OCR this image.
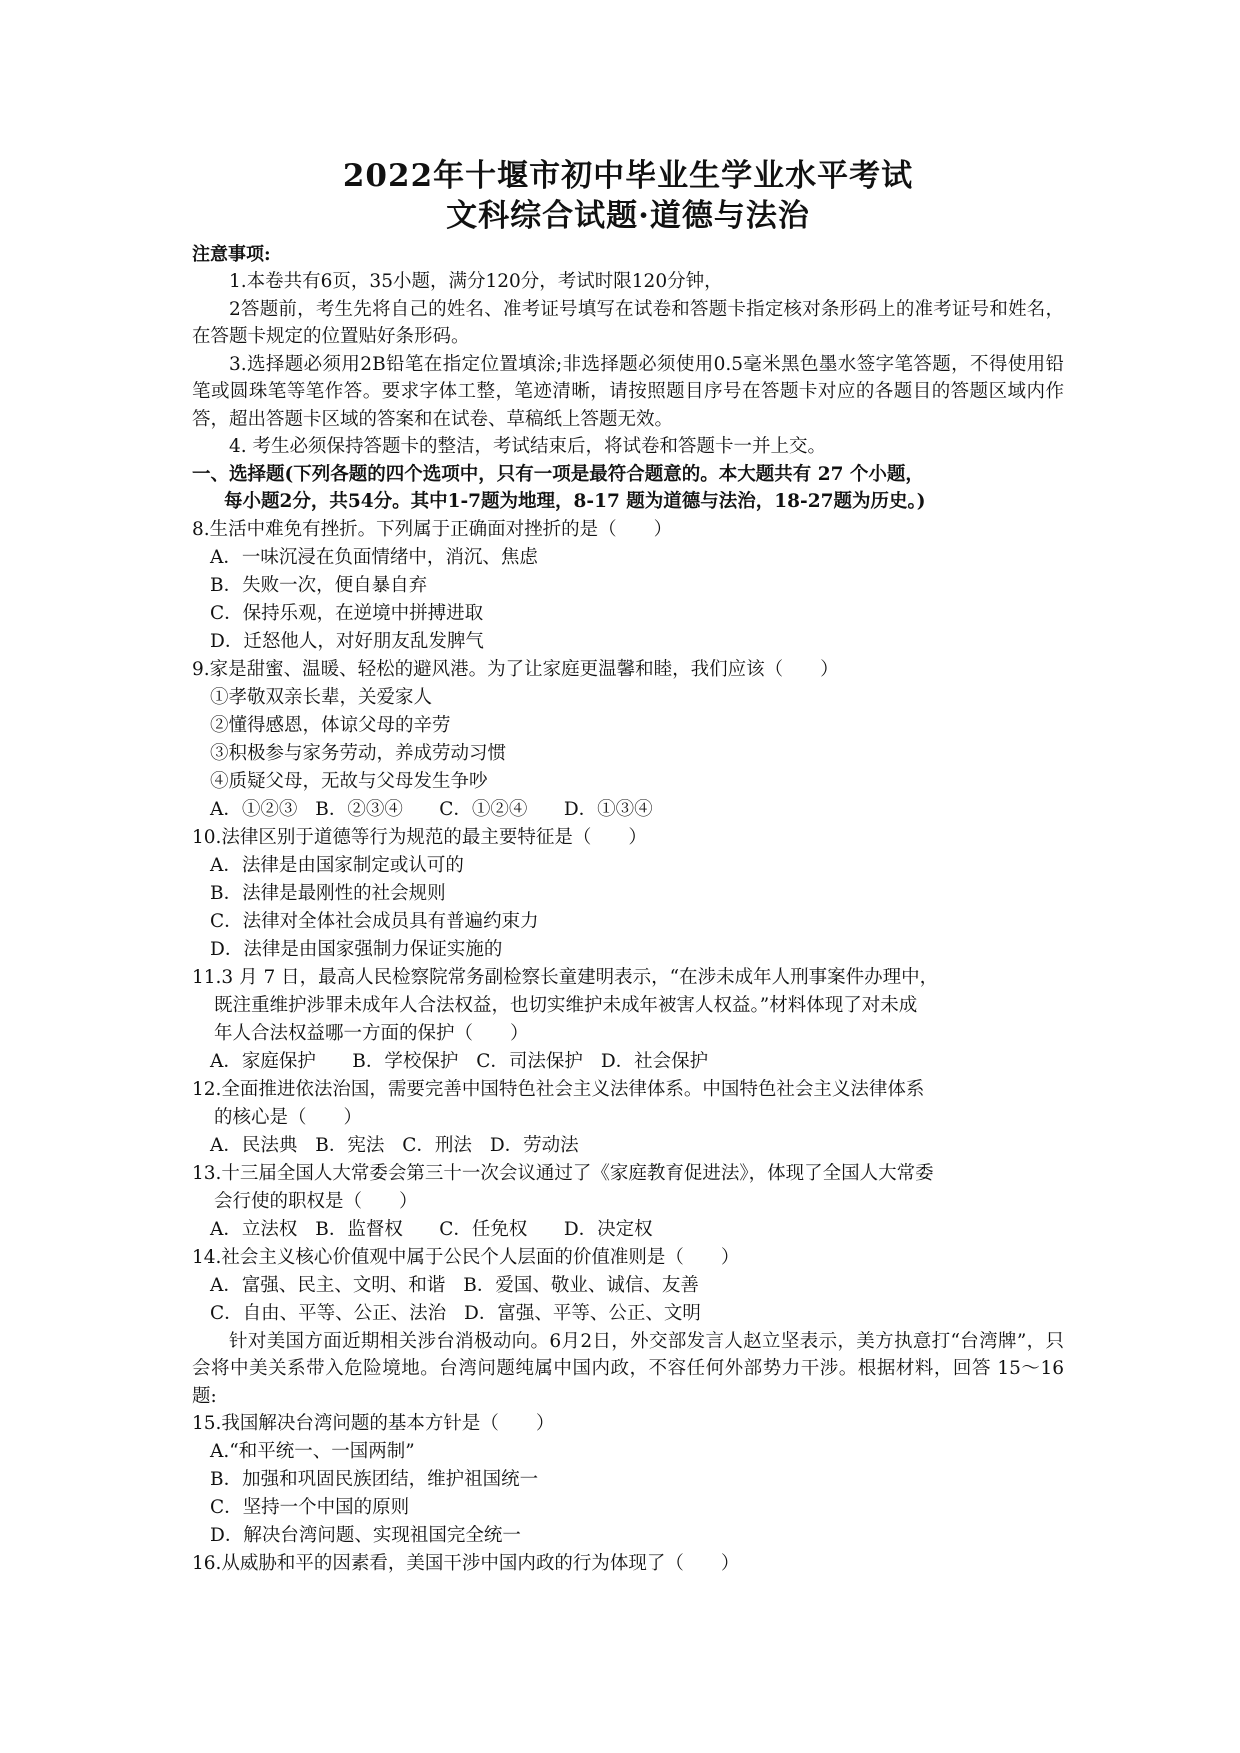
2022年十堰市初中毕业生学业水平考试
文科综合试题·道德与法治

注意事项:

1.本卷共有6页，35小题，满分120分，考试时限120分钟，

2答题前，考生先将自己的姓名、准考证号填写在试卷和答题卡指定核对条形码上的准考证号和姓名，在答题卡规定的位置贴好条形码。

3.选择题必须用2B铅笔在指定位置填涂;非选择题必须使用0.5毫米黑色墨水签字笔答题，不得使用铅笔或圆珠笔等笔作答。要求字体工整，笔迹清晰，请按照题目序号在答题卡对应的各题目的答题区域内作答，超出答题卡区域的答案和在试卷、草稿纸上答题无效。

4. 考生必须保持答题卡的整洁，考试结束后，将试卷和答题卡一并上交。

一、选择题(下列各题的四个选项中，只有一项是最符合题意的。本大题共有 27 个小题，
每小题2分，共54分。其中1-7题为地理，8-17 题为道德与法治，18-27题为历史。)

8.生活中难免有挫折。下列属于正确面对挫折的是（　　）

A．一味沉浸在负面情绪中，消沉、焦虑

B．失败一次，便自暴自弃

C．保持乐观，在逆境中拼搏进取

D．迁怒他人，对好朋友乱发脾气

9.家是甜蜜、温暖、轻松的避风港。为了让家庭更温馨和睦，我们应该（　　）

①孝敬双亲长辈，关爱家人

②懂得感恩，体谅父母的辛劳

③积极参与家务劳动，养成劳动习惯

④质疑父母，无故与父母发生争吵

A．①②③ B．②③④ 　C．①②④ 　D．①③④

10.法律区别于道德等行为规范的最主要特征是（　　）

A．法律是由国家制定或认可的

B．法律是最刚性的社会规则

C．法律对全体社会成员具有普遍约束力

D．法律是由国家强制力保证实施的

11.3 月 7 日，最高人民检察院常务副检察长童建明表示，“在涉未成年人刑事案件办理中，
既注重维护涉罪未成年人合法权益，也切实维护未成年被害人权益。”材料体现了对未成
年人合法权益哪一方面的保护（　　）

A．家庭保护 　B．学校保护 C．司法保护 D．社会保护

12.全面推进依法治国，需要完善中国特色社会主义法律体系。中国特色社会主义法律体系
的核心是（　　）

A．民法典 B．宪法 C．刑法 D．劳动法

13.十三届全国人大常委会第三十一次会议通过了《家庭教育促进法》，体现了全国人大常委
会行使的职权是（　　）

A．立法权 B．监督权 　C．任免权 　D．决定权

14.社会主义核心价值观中属于公民个人层面的价值准则是（　　）

A．富强、民主、文明、和谐 B．爱国、敬业、诚信、友善

C．自由、平等、公正、法治 D．富强、平等、公正、文明

针对美国方面近期相关涉台消极动向。6月2日，外交部发言人赵立坚表示，美方执意打“台湾牌”，只会将中美关系带入危险境地。台湾问题纯属中国内政，不容任何外部势力干涉。根据材料，回答 15～16题:

15.我国解决台湾问题的基本方针是（　　）

A.“和平统一、一国两制”

B．加强和巩固民族团结，维护祖国统一

C．坚持一个中国的原则

D．解决台湾问题、实现祖国完全统一

16.从威胁和平的因素看，美国干涉中国内政的行为体现了（　　）
